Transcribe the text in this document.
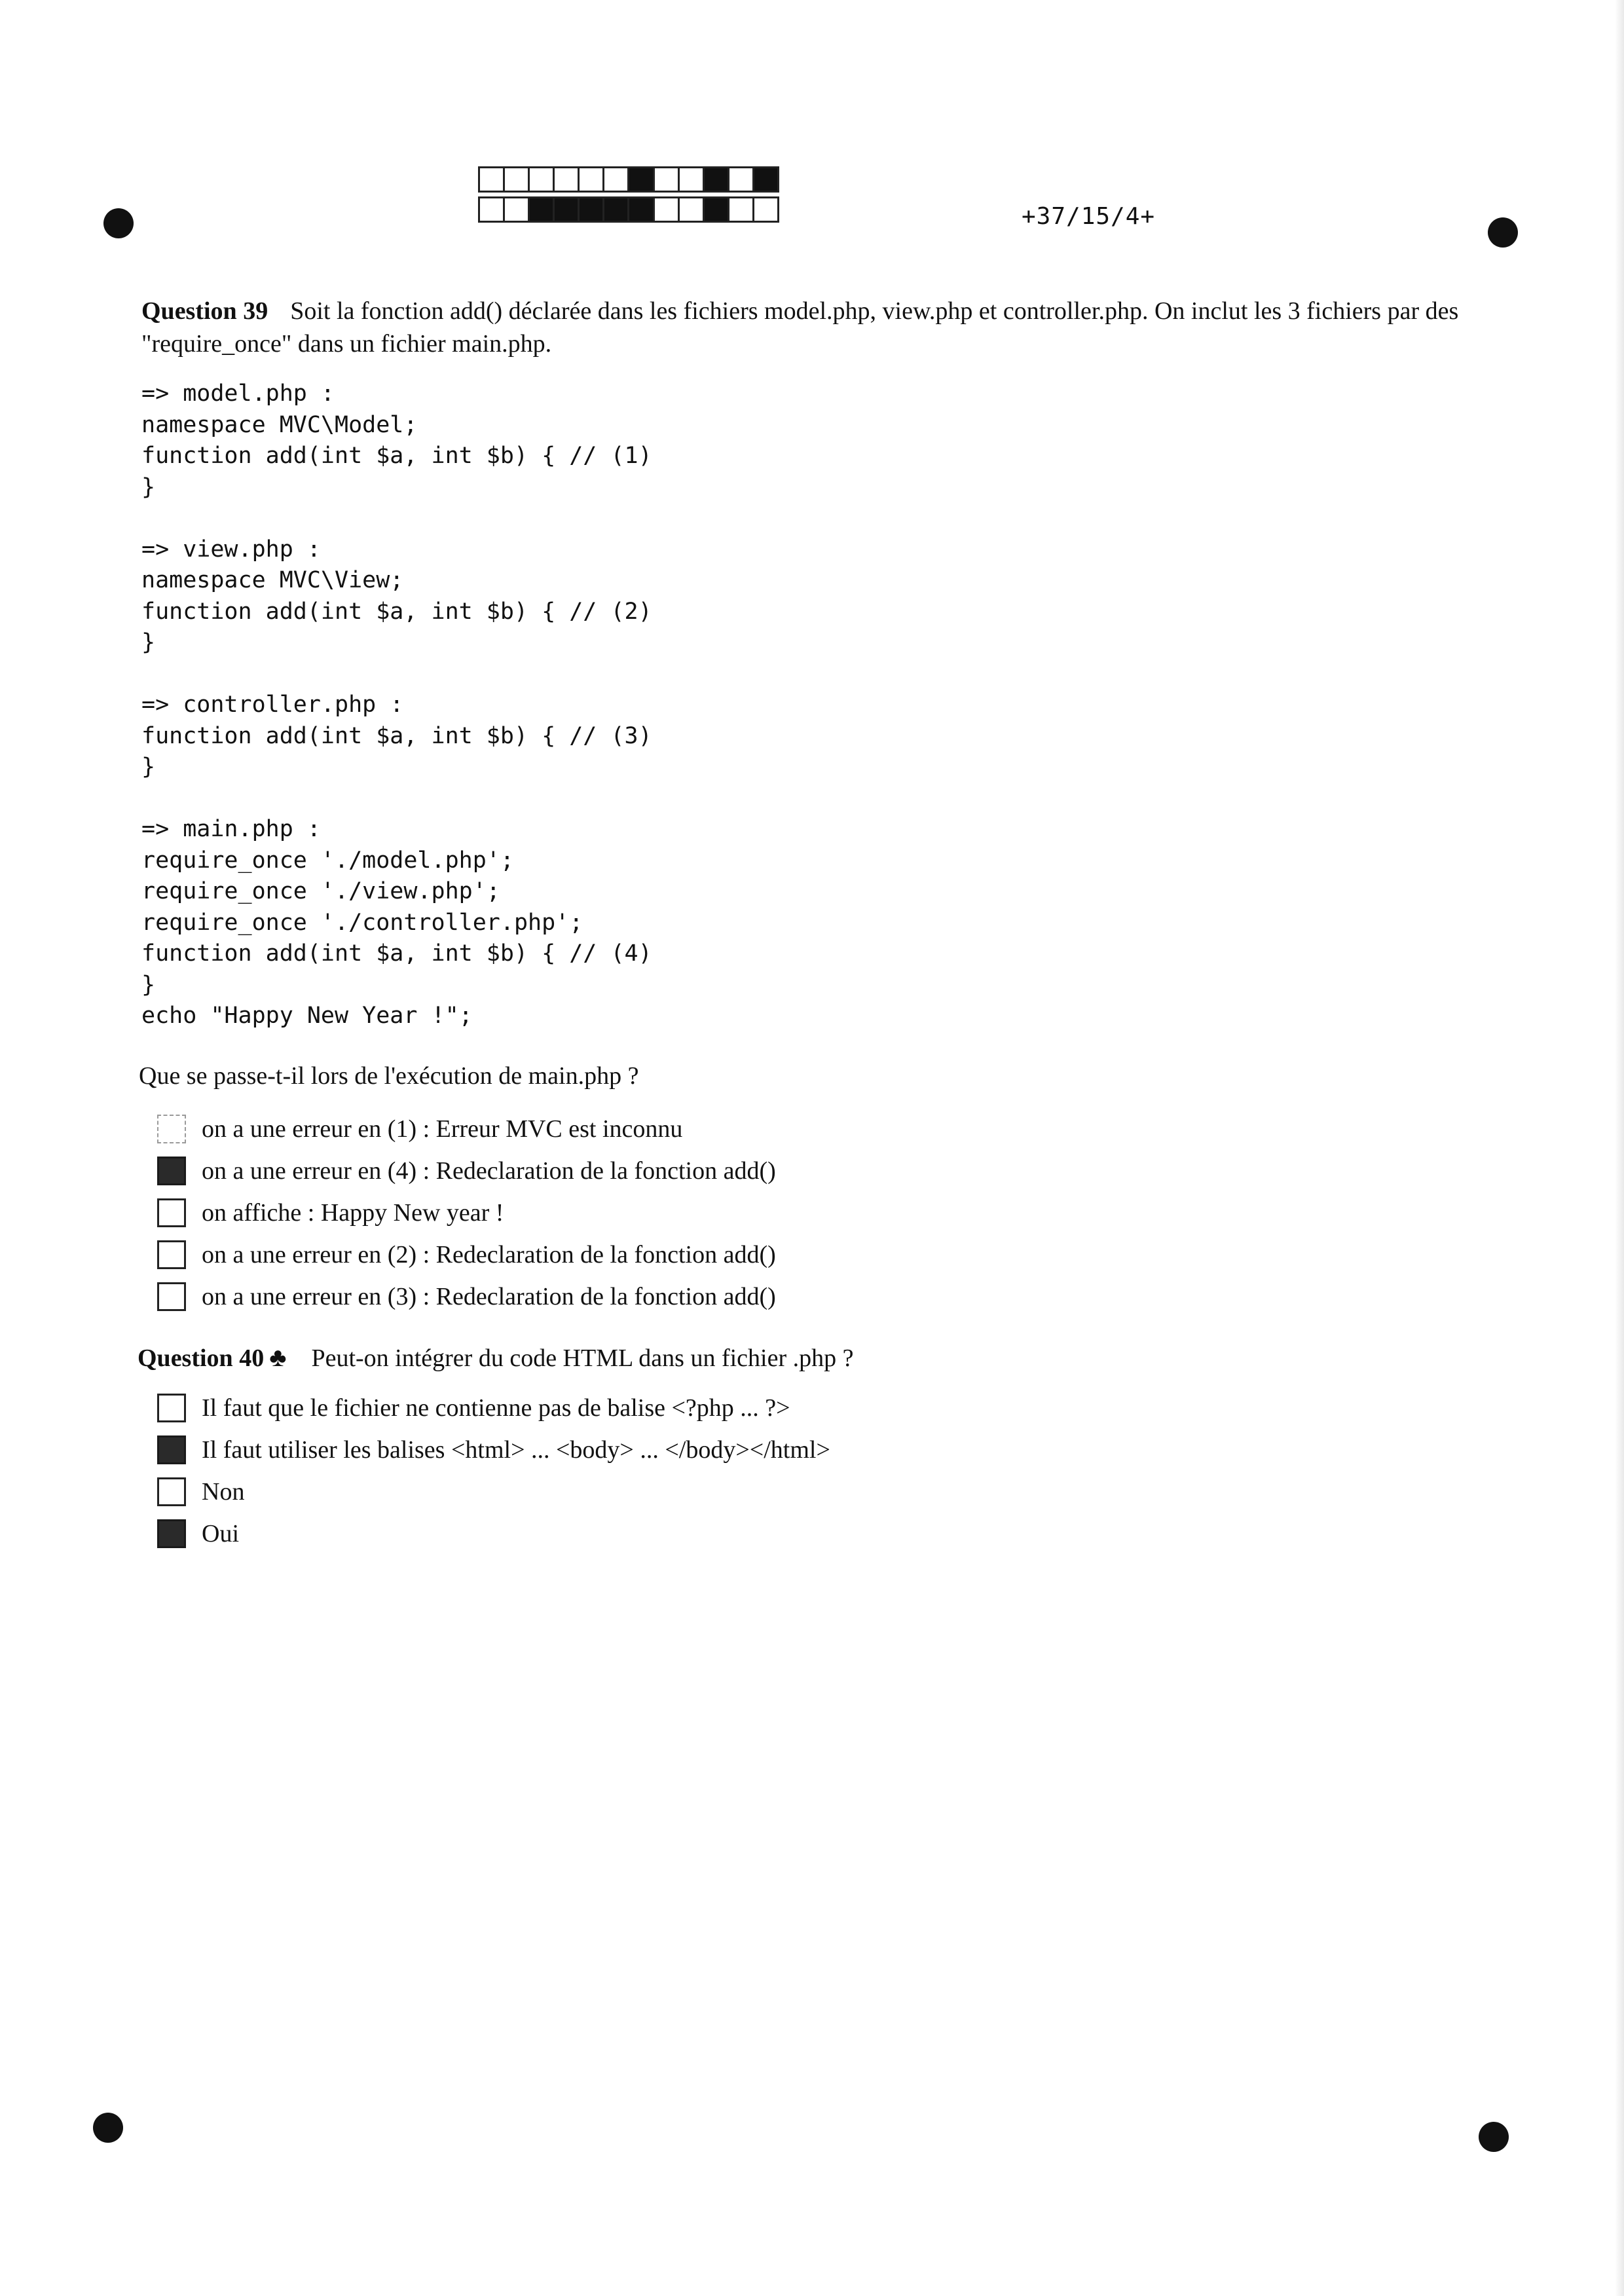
+37/15/4+
Question 39 Soit la fonction add() déclarée dans les fichiers model.php, view.php et controller.php. On inclut les 3 fichiers par des "require_once" dans un fichier main.php.
=> model.php :
namespace MVC\Model;
function add(int $a, int $b) { // (1)
}
=> view.php :
namespace MVC\View;
function add(int $a, int $b) { // (2)
}
=> controller.php :
function add(int $a, int $b) { // (3)
}
=> main.php :
require_once './model.php';
require_once './view.php';
require_once './controller.php';
function add(int $a, int $b) { // (4)
}
echo "Happy New Year !";
Que se passe-t-il lors de l'exécution de main.php ?
on a une erreur en (1) : Erreur MVC est inconnu
on a une erreur en (4) : Redeclaration de la fonction add()
on affiche : Happy New year !
on a une erreur en (2) : Redeclaration de la fonction add()
on a une erreur en (3) : Redeclaration de la fonction add()
Question 40 ♣ Peut-on intégrer du code HTML dans un fichier .php ?
Il faut que le fichier ne contienne pas de balise <?php ... ?>
Il faut utiliser les balises <html> ... <body> ... </body></html>
Non
Oui
